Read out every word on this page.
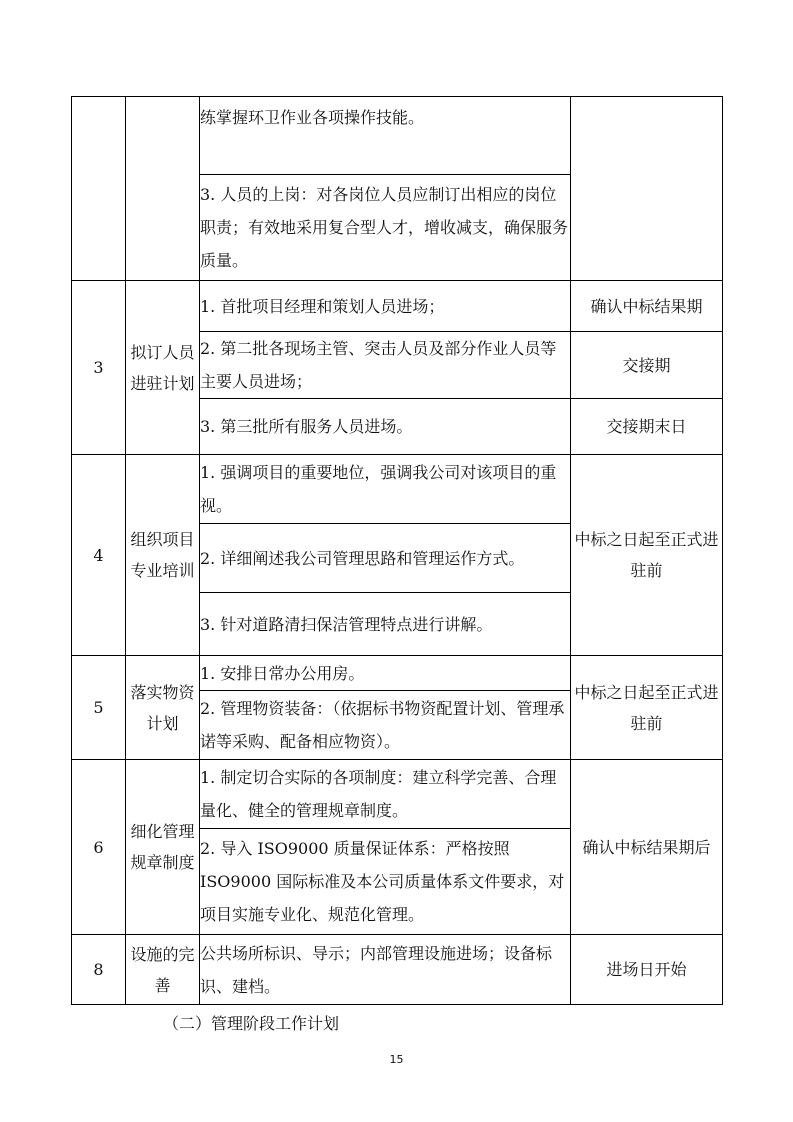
		练掌握环卫作业各项操作技能。	
		3. 人员的上岗：对各岗位人员应制订出相应的岗位职责；有效地采用复合型人才，增收减支，确保服务质量。	
3	拟订人员进驻计划	1. 首批项目经理和策划人员进场；	确认中标结果期
		2. 第二批各现场主管、突击人员及部分作业人员等主要人员进场；	交接期
		3. 第三批所有服务人员进场。	交接期末日
4	组织项目专业培训	1. 强调项目的重要地位，强调我公司对该项目的重视。	中标之日起至正式进驻前
		2. 详细阐述我公司管理思路和管理运作方式。	
		3. 针对道路清扫保洁管理特点进行讲解。	
5	落实物资计划	1. 安排日常办公用房。	中标之日起至正式进驻前
		2. 管理物资装备：（依据标书物资配置计划、管理承诺等采购、配备相应物资）。	
6	细化管理规章制度	1. 制定切合实际的各项制度：建立科学完善、合理量化、健全的管理规章制度。	确认中标结果期后
		2. 导入 ISO9000 质量保证体系：严格按照 ISO9000 国际标准及本公司质量体系文件要求，对项目实施专业化、规范化管理。	
8	设施的完善	公共场所标识、导示；内部管理设施进场；设备标识、建档。	进场日开始
（二）管理阶段工作计划
15
